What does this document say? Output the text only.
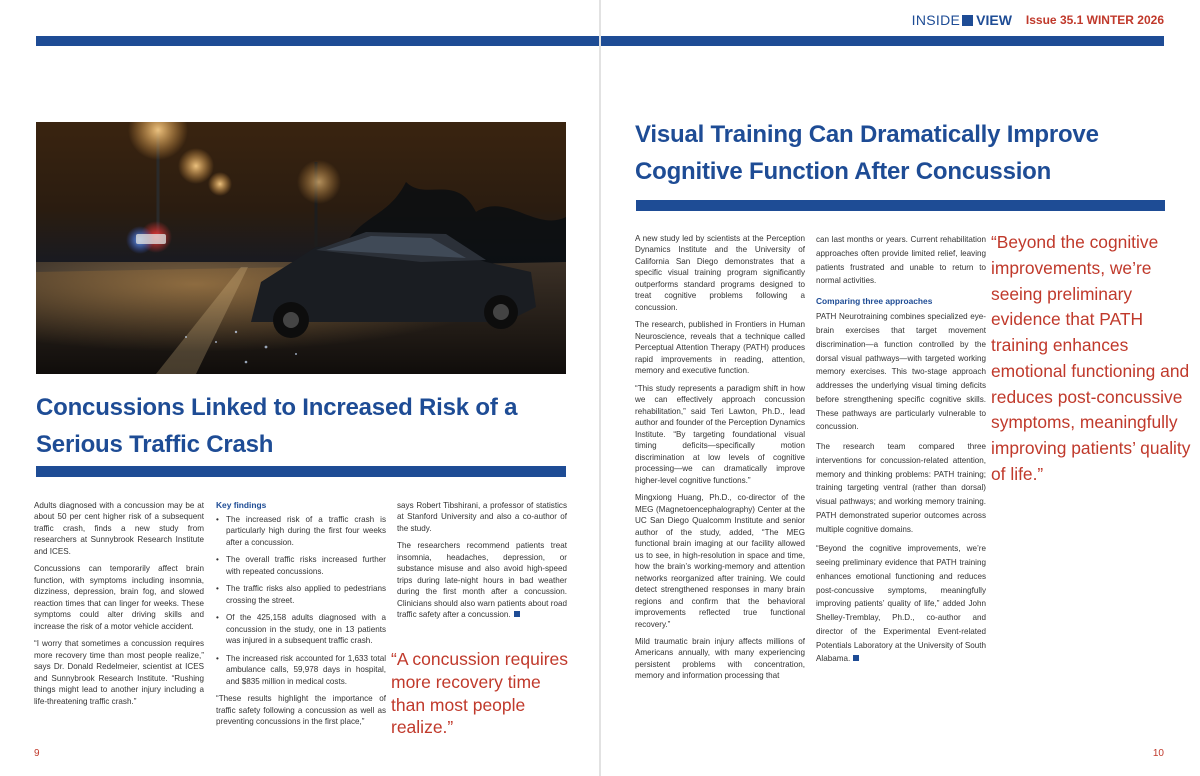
Concussions Linked to Increased Risk of a
Serious Traffic Crash

Adults diagnosed with a concussion may be at about 50 per cent higher risk of a subsequent traffic crash, finds a new study from researchers at Sunnybrook Research Institute and ICES.

Concussions can temporarily affect brain function, with symptoms including insomnia, dizziness, depression, brain fog, and slowed reaction times that can linger for weeks. These symptoms could alter driving skills and increase the risk of a motor vehicle accident.

“I worry that sometimes a concussion requires more recovery time than most people realize,” says Dr. Donald Redelmeier, scientist at ICES and Sunnybrook Research Institute. “Rushing things might lead to another injury including a life-threatening traffic crash.”

Key findings
• The increased risk of a traffic crash is particularly high during the first four weeks after a concussion.
• The overall traffic risks increased further with repeated concussions.
• The traffic risks also applied to pedestrians crossing the street.
• Of the 425,158 adults diagnosed with a concussion in the study, one in 13 patients was injured in a subsequent traffic crash.
• The increased risk accounted for 1,633 total ambulance calls, 59,978 days in hospital, and $835 million in medical costs.

“These results highlight the importance of traffic safety following a concussion as well as preventing concussions in the first place,”

says Robert Tibshirani, a professor of statistics at Stanford University and also a co-author of the study.

The researchers recommend patients treat insomnia, headaches, depression, or substance misuse and also avoid high-speed trips during late-night hours in bad weather during the first month after a concussion. Clinicians should also warn patients about road traffic safety after a concussion.

“A concussion requires more recovery time than most people realize.”
9
INSIDE VIEW Issue 35.1 WINTER 2026
Visual Training Can Dramatically Improve
Cognitive Function After Concussion

A new study led by scientists at the Perception Dynamics Institute and the University of California San Diego demonstrates that a specific visual training program significantly outperforms standard programs designed to treat cognitive problems following a concussion.

The research, published in Frontiers in Human Neuroscience, reveals that a technique called Perceptual Attention Therapy (PATH) produces rapid improvements in reading, attention, memory and executive function.

“This study represents a paradigm shift in how we can effectively approach concussion rehabilitation,” said Teri Lawton, Ph.D., lead author and founder of the Perception Dynamics Institute. “By targeting foundational visual timing deficits—specifically motion discrimination at low levels of cognitive processing—we can dramatically improve higher-level cognitive functions.”

Mingxiong Huang, Ph.D., co-director of the MEG (Magnetoencephalography) Center at the UC San Diego Qualcomm Institute and senior author of the study, added, “The MEG functional brain imaging at our facility allowed us to see, in high-resolution in space and time, how the brain’s working-memory and attention networks reorganized after training. We could detect strengthened responses in many brain regions and confirm that the behavioral improvements reflected true functional recovery.”

Mild traumatic brain injury affects millions of Americans annually, with many experiencing persistent problems with concentration, memory and information processing that

can last months or years. Current rehabilitation approaches often provide limited relief, leaving patients frustrated and unable to return to normal activities.

Comparing three approaches

PATH Neurotraining combines specialized eye-brain exercises that target movement discrimination—a function controlled by the dorsal visual pathways—with targeted working memory exercises. This two-stage approach addresses the underlying visual timing deficits before strengthening specific cognitive skills. These pathways are particularly vulnerable to concussion.

The research team compared three interventions for concussion-related attention, memory and thinking problems: PATH training; training targeting ventral (rather than dorsal) visual pathways; and working memory training. PATH demonstrated superior outcomes across multiple cognitive domains.

“Beyond the cognitive improvements, we’re seeing preliminary evidence that PATH training enhances emotional functioning and reduces post-concussive symptoms, meaningfully improving patients’ quality of life,” added John Shelley-Tremblay, Ph.D., co-author and director of the Experimental Event-related Potentials Laboratory at the University of South Alabama.

“Beyond the cognitive improvements, we’re seeing preliminary evidence that PATH training enhances emotional functioning and reduces post-concussive symptoms, meaningfully improving patients’ quality of life.”
10
